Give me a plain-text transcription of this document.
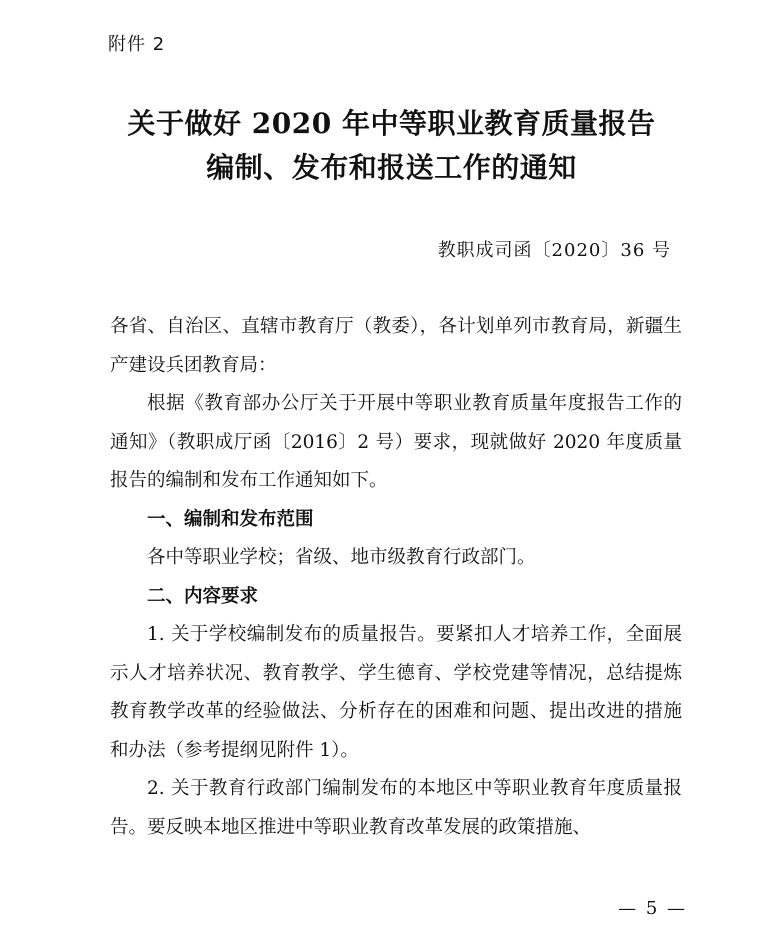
附件 2
关于做好 2020 年中等职业教育质量报告
编制、发布和报送工作的通知
教职成司函〔2020〕36 号

各省、自治区、直辖市教育厅（教委），各计划单列市教育局，新疆生产建设兵团教育局：

根据《教育部办公厅关于开展中等职业教育质量年度报告工作的通知》（教职成厅函〔2016〕2 号）要求，现就做好 2020 年度质量报告的编制和发布工作通知如下。

一、编制和发布范围

各中等职业学校；省级、地市级教育行政部门。

二、内容要求

1. 关于学校编制发布的质量报告。要紧扣人才培养工作，全面展示人才培养状况、教育教学、学生德育、学校党建等情况，总结提炼教育教学改革的经验做法、分析存在的困难和问题、提出改进的措施和办法（参考提纲见附件 1）。

2. 关于教育行政部门编制发布的本地区中等职业教育年度质量报告。要反映本地区推进中等职业教育改革发展的政策措施、

— 5 —
